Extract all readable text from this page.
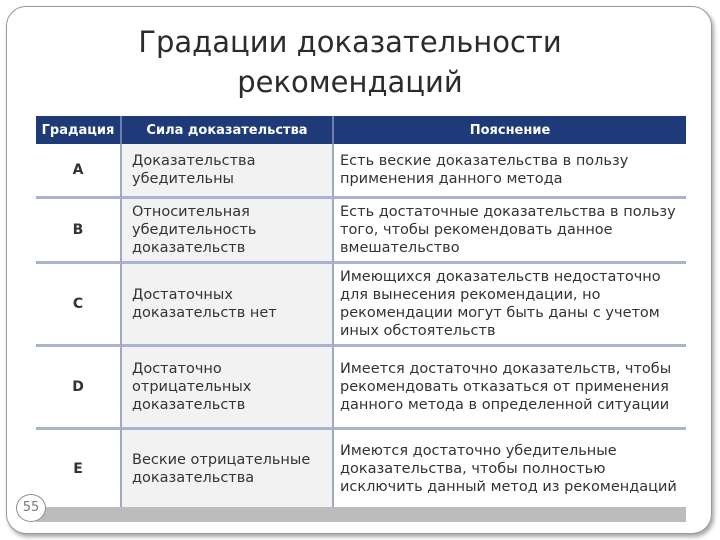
Градации доказательности
рекомендаций
Градация	Сила доказательства	Пояснение
A	Доказательства убедительны	Есть веские доказательства в пользу применения данного метода
B	Относительная убедительность доказательств	Есть достаточные доказательства в пользу того, чтобы рекомендовать данное вмешательство
C	Достаточных доказательств нет	Имеющихся доказательств недостаточно для вынесения рекомендации, но рекомендации могут быть даны с учетом иных обстоятельств
D	Достаточно отрицательных доказательств	Имеется достаточно доказательств, чтобы рекомендовать отказаться от применения данного метода в определенной ситуации
E	Веские отрицательные доказательства	Имеются достаточно убедительные доказательства, чтобы полностью исключить данный метод из рекомендаций
55
